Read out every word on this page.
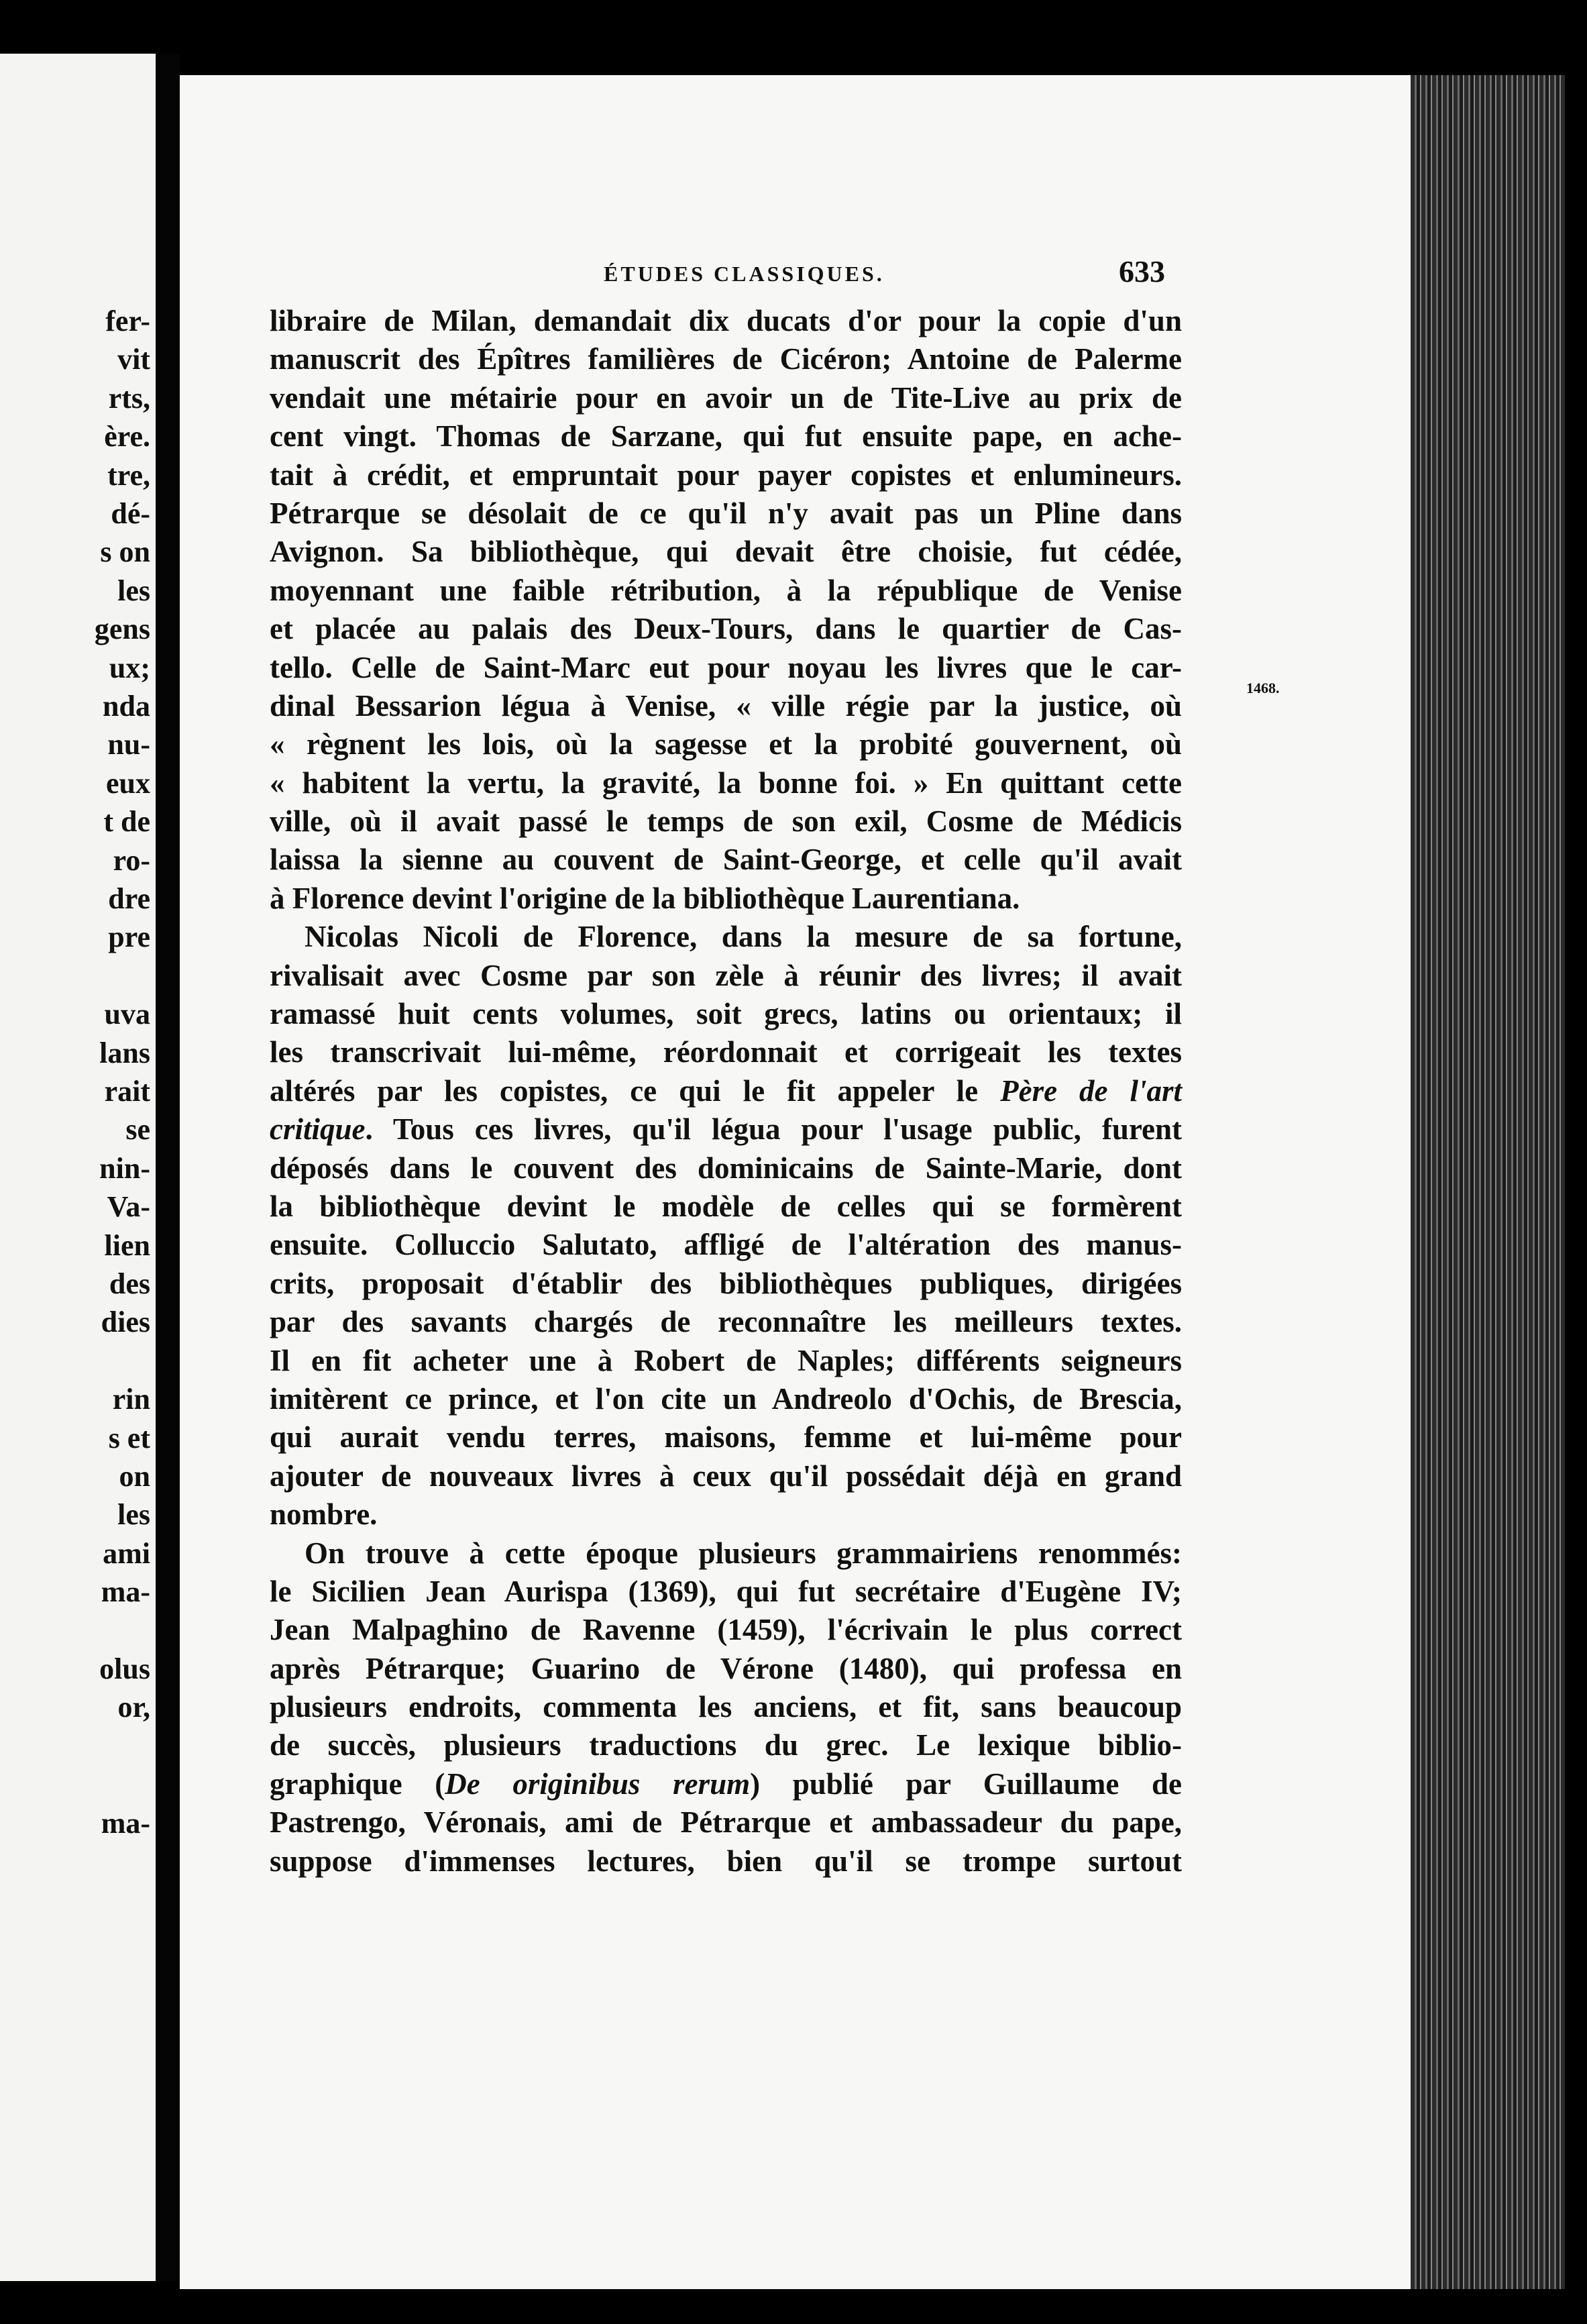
fer-
vit
rts,
ère.
tre,
dé-
s on
les
gens
ux;
nda
nu-
eux
t de
ro-
dre
pre
uva
lans
rait
se
nin-
Va-
lien
des
dies
rin
s et
on
les
ami
ma-
olus
or,
ma-
ÉTUDES CLASSIQUES.	633
1468.
libraire de Milan, demandait dix ducats d'or pour la copie d'un
manuscrit des Épîtres familières de Cicéron; Antoine de Palerme
vendait une métairie pour en avoir un de Tite-Live au prix de
cent vingt. Thomas de Sarzane, qui fut ensuite pape, en ache-
tait à crédit, et empruntait pour payer copistes et enlumineurs.
Pétrarque se désolait de ce qu'il n'y avait pas un Pline dans
Avignon. Sa bibliothèque, qui devait être choisie, fut cédée,
moyennant une faible rétribution, à la république de Venise
et placée au palais des Deux-Tours, dans le quartier de Cas-
tello. Celle de Saint-Marc eut pour noyau les livres que le car-
dinal Bessarion légua à Venise, « ville régie par la justice, où
« règnent les lois, où la sagesse et la probité gouvernent, où
« habitent la vertu, la gravité, la bonne foi. » En quittant cette
ville, où il avait passé le temps de son exil, Cosme de Médicis
laissa la sienne au couvent de Saint-George, et celle qu'il avait
à Florence devint l'origine de la bibliothèque Laurentiana.
Nicolas Nicoli de Florence, dans la mesure de sa fortune,
rivalisait avec Cosme par son zèle à réunir des livres; il avait
ramassé huit cents volumes, soit grecs, latins ou orientaux; il
les transcrivait lui-même, réordonnait et corrigeait les textes
altérés par les copistes, ce qui le fit appeler le Père de l'art
critique. Tous ces livres, qu'il légua pour l'usage public, furent
déposés dans le couvent des dominicains de Sainte-Marie, dont
la bibliothèque devint le modèle de celles qui se formèrent
ensuite. Colluccio Salutato, affligé de l'altération des manus-
crits, proposait d'établir des bibliothèques publiques, dirigées
par des savants chargés de reconnaître les meilleurs textes.
Il en fit acheter une à Robert de Naples; différents seigneurs
imitèrent ce prince, et l'on cite un Andreolo d'Ochis, de Brescia,
qui aurait vendu terres, maisons, femme et lui-même pour
ajouter de nouveaux livres à ceux qu'il possédait déjà en grand
nombre.
On trouve à cette époque plusieurs grammairiens renommés:
le Sicilien Jean Aurispa (1369), qui fut secrétaire d'Eugène IV;
Jean Malpaghino de Ravenne (1459), l'écrivain le plus correct
après Pétrarque; Guarino de Vérone (1480), qui professa en
plusieurs endroits, commenta les anciens, et fit, sans beaucoup
de succès, plusieurs traductions du grec. Le lexique biblio-
graphique (De originibus rerum) publié par Guillaume de
Pastrengo, Véronais, ami de Pétrarque et ambassadeur du pape,
suppose d'immenses lectures, bien qu'il se trompe surtout
